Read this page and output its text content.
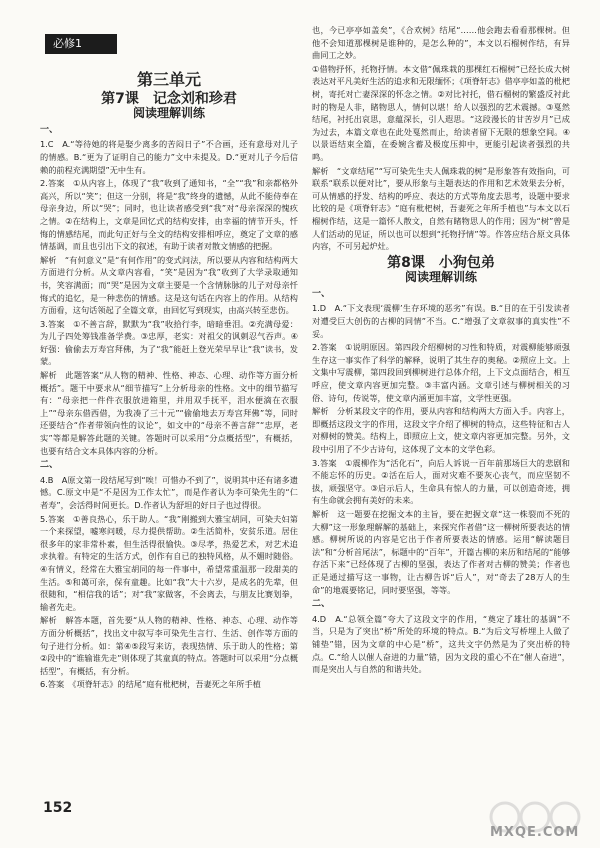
必修1
第三单元
第7课　记念刘和珍君
阅读理解训练
一、

1.C　A.“等待她的将是娶少离多的苦闷日子”不合画，还有意母对儿子的情感。B.“更为了证明自己的能力”文中未提及。D.“更对儿子今后信赖的前程充满期望”无中生有。

2.答案　①从内容上，体现了“我”收到了通知书，“全”“我”和亲都格外高兴，所以“笑”；但这一分别，将是“我”终身的遗憾，从此不能侍奉在母亲身边，所以“哭”；同时，也让读者感受到“我”对“母亲深深的愧疚之情。②在结构上，文章是回忆式的结构安排，由幸福的情节开头，忏悔的情感结尾，而此句正好与全文的结构安排相呼应，奠定了文章的感情基调，而且也引出下文的叙述，有助于读者对散文情感的把握。

解析　“有何意义”是“有何作用”的变式问法，所以要从内容和结构两大方面进行分析。从文章内容看，“笑”是因为“我”收到了大学录取通知书，笑容满面；而“哭”是因为文章主要是一个含情脉脉的儿子对母亲忏悔式的追忆，是一种悲伤的情感。这是这句话在内容上的作用。从结构方面看，这句话领起了全篇文章，由回忆写到现实，由高兴转至悲伤。

3.答案　①不善言辞，默默为“我”收拾行李，暗暗垂泪。②充满母爱：为儿子四处筹钱准备学费。③忠厚，老实：对祖父的讽刺忍气吞声。④好强：偷偷去万寿宫拜佛，为了“我”能赶上登光荣早早让“我”读书，发蒙。

解析　此题答案“从人物的精神、性格、神态、心理、动作等方面分析概括”。题干中要求从“细节描写”上分析母亲的性格。文中的细节描写有：“母亲把一件件衣服放进箱里，并用双手抚平，泪水便滴在衣服上”“母亲东借西借，为我凑了三十元”“偷偷地去万寿宫拜佛”等，同时还要结合“作者带领向性的议论”，如文中的“母亲不善言辞”“忠厚，老实”等都是解答此题的关键。答题时可以采用“分点概括型”，有概括，也要有结合文本具体内容的分析。

二、

4.B　A原文第一段结尾写到“唉！可惜办不到了”，说明其中还有诸多遗憾。C.原文中是“不是因为工作太忙”，而是作者认为李可染先生的“仁者寿”，会活得时间更长。D.作者认为舒坦的好日子也过得很。

5.答案　①善良热心，乐于助人。“我”刚搬到大雅宝胡同，可染夫妇第一个来探望，嘘寒问暖，尽力提供帮助。②生活简朴，安贫乐道。居住很多年的家非常朴素，但生活得很愉快。③尽孝，热爱艺术，对艺术追求执着。有特定的生活方式，创作有自已的独特风格，从不媚时随俗。④有情义，经常在大雅宝胡同的每一件事中，希望常重温那一段甜美的生活。⑤和蔼可亲，保有童趣。比如“我”大十六岁，是成名的先辈，但很随和，“相信我的话”；对“我”家做客，不会离去，与朋友比赛划拳，输者先走。

解析　解答本题，首先要“从人物的精神、性格、神态、心理、动作等方面分析概括”，找出文中叙写李可染先生言行、生活、创作等方面的句子进行分析。如：第④⑤段写来访，表现热情、乐于助人的性格；第②段中的“谁输谁先走”则体现了其童真的特点。答题时可以采用“分点概括型”，有概括，有分析。

6.答案　《项脊轩志》的结尾“庭有枇杷树，吾妻死之年所手植

也，今已亭亭如盖矣”，《合欢树》结尾“……他会跑去看看那棵树。但他不会知道那棵树是谁种的，是怎么种的”，本文以石榴树作结，有异曲同工之妙。

①借物抒怀，托物抒情。本文借“佩珠栽的那棵红石榴树”已经长成大树表达对平凡美好生活的追求和无限缅怀；《项脊轩志》借亭亭如盖的枇杷树，寄托对亡妻深深的怀念之情。②对比衬托，借石榴树的繁盛反衬此时的物是人非，睹物思人，情何以堪！给人以强烈的艺术震撼。③戛然结尾，衬托出哀思，意蕴深长，引人遐思。“这段漫长的甘苦岁月”已成为过去，本篇文章也在此处戛然而止，给读者留下无限的想象空间。④以景语结束全篇，在委婉含蓄及极度压抑中，更能引起读者强烈的共鸣。

解析　“文章结尾”“写可染先生夫人佩珠栽的树”是形象答有效指向，可联系“联系以便对比”，要从形象与主题表达的作用和艺术效果去分析，可从情感的抒发、结构的呼应、表达的方式等角度去思考，设题中要求比较的是《项脊轩志》“庭有枇杷树，吾妻死之年所手植也”与本文以石榴树作结，这是一篇怀人散文，自然有睹物思人的作用；因为“树”曾是人们活动的见证，所以也可以想到“托物抒情”等。作答应结合原文具体内容，不可另起炉灶。

第8课　小狗包弟
阅读理解训练
一、

1.D　A.“下文表现‘震柳’生存环境的恶劣”有误。B.“目的在于引发读者对遭受巨大创伤的古柳的同情”不当。C.“增强了文章叙事的真实性”不妥。

2.答案　①说明原因。第四段介绍柳树的习性和特质，对震柳能够顽强生存这一事实作了科学的解释，说明了其生存的奥秘。②照应上文。上文集中写震柳，第四段回到柳树进行总体介绍，上下文点面结合，相互呼应，使文章内容更加完整。③丰富内涵。文章引述与柳树相关的习俗、诗句，传说等，使文章内涵更加丰富，文学性更强。

解析　分析某段文字的作用，要从内容和结构两大方面入手。内容上，即概括这段文字的作用，这段文字介绍了柳树的特点，这些特征和古人对柳树的赞美。结构上，即照应上文，使文章内容更加完整。另外，文段中引用了不少古诗句，这体现了文本的文学色彩。

3.答案　①震柳作为“活化石”，向后人诉说一百年前那场巨大的悲剧和不能忘怀的历史。②活在后人，面对灾难不要灰心丧气，而应坚韧不拔，顽强坚守。③启示后人，生命具有惊人的力量，可以创造奇迹，拥有生命就会拥有美好的未来。

解析　这一题要在挖掘文本的主旨，要在把握文章“这一株裂而不死的大柳”这一形象理解解的基础上，来探究作者借“这一柳树所要表达的情感。柳树所说的内容是它出于作者所要表达的情感。运用“解读题目法”和“分析首尾法”，标题中的“百年”，开篇古柳的来历和结尾的“能够存活下来”已经体现了古柳的坚强，表达了作者对古柳的赞美；作者也正是通过描写这一事物，让古柳告诉“后人”，对“奇去了28万人的生命”的地震要铭记，同时要坚强，等等。

二、

4.D　A.“总领全篇”夸大了这段文字的作用，“奠定了雄壮的基调”不当，只是为了突出“桥”所处的环境的特点。B.“为后文写桥埋上人做了铺垫”错，因为文章的中心是“桥”，这共文字仍然是为了突出桥的特点。C.“给人以催人奋进的力量”错，因为文段的重心不在“催人奋进”，而是突出人与自然的和谐共处。

152
MXQE.COM
